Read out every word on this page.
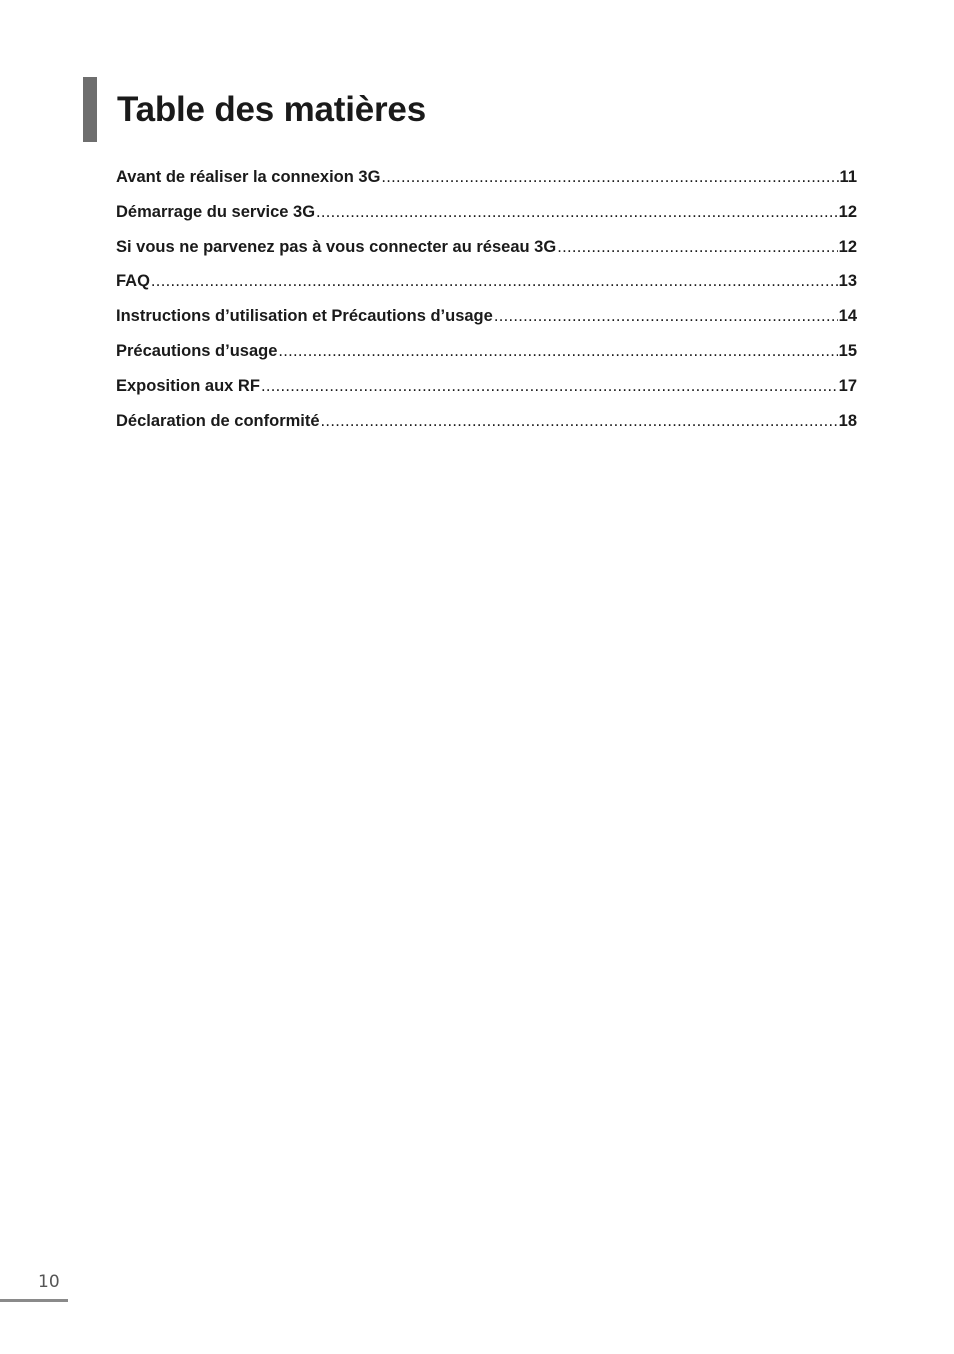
Table des matières
Avant de réaliser la connexion 3G .....	11
Démarrage du service 3G .....	12
Si vous ne parvenez pas à vous connecter au réseau 3G .....	12
FAQ .....	13
Instructions d’utilisation et Précautions d’usage .....	14
Précautions d’usage .....	15
Exposition aux RF .....	17
Déclaration de conformité .....	18
10
